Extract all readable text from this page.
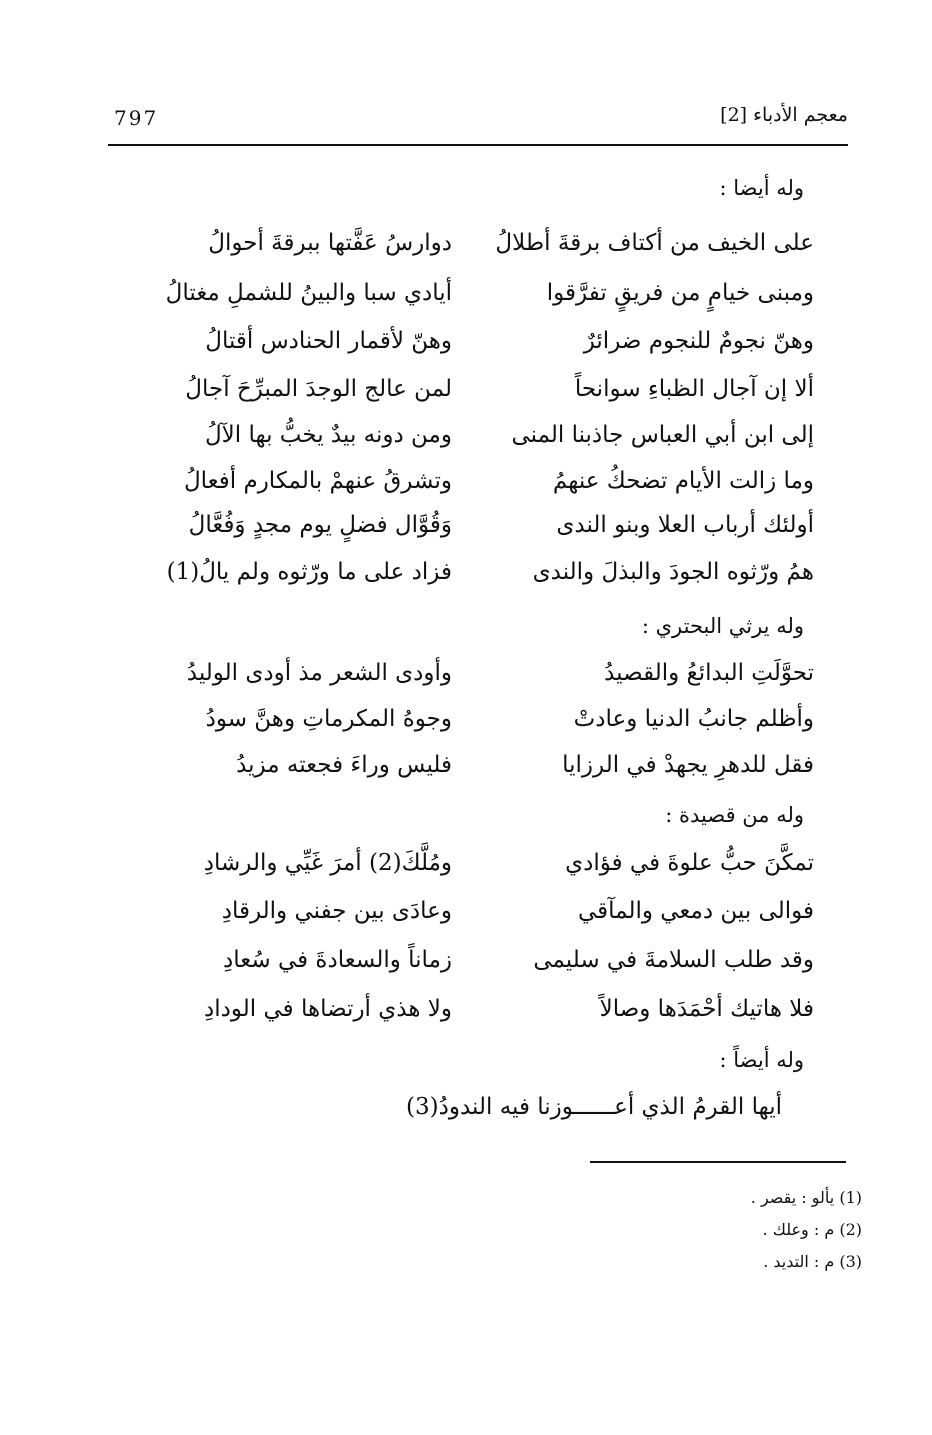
معجم الأدباء [2]
797
وله أيضا :
على الخيف من أكتاف برقةَ أطلالُ
دوارسُ عَفَّتها ببرقةَ أحوالُ
ومبنى خيامٍ من فريقٍ تفرَّقوا
أيادي سبا والبينُ للشملِ مغتالُ
وهنّ نجومٌ للنجوم ضرائرٌ
وهنّ لأقمار الحنادس أقتالُ
ألا إن آجال الظباءِ سوانحاً
لمن عالج الوجدَ المبرِّحَ آجالُ
إلى ابن أبي العباس جاذبنا المنى
ومن دونه بيدٌ يخبُّ بها الآلُ
وما زالت الأيام تضحكُ عنهمُ
وتشرقُ عنهمْ بالمكارم أفعالُ
أولئك أرباب العلا وبنو الندى
وَقُوَّال فضلٍ يوم مجدٍ وَفُعَّالُ
همُ ورّثوه الجودَ والبذلَ والندى
فزاد على ما ورّثوه ولم يالُ(1)
وله يرثي البحتري :
تحوَّلَتِ البدائعُ والقصيدُ
وأودى الشعر مذ أودى الوليدُ
وأظلم جانبُ الدنيا وعادتْ
وجوهُ المكرماتِ وهنَّ سودُ
فقل للدهرِ يجهدْ في الرزايا
فليس وراءَ فجعته مزيدُ
وله من قصيدة :
تمكَّنَ حبُّ علوةَ في فؤادي
ومُلَّكَ(2) أمرَ غَيِّي والرشادِ
فوالى بين دمعي والمآقي
وعادَى بين جفني والرقادِ
وقد طلب السلامةَ في سليمى
زماناً والسعادةَ في سُعادِ
فلا هاتيك أحْمَدَها وصالاً
ولا هذي أرتضاها في الودادِ
وله أيضاً :
أيها القرمُ الذي أعــــــوزنا فيه الندودُ(3)
(1) يألو : يقصر .
(2) م : وعلك .
(3) م : التديد .
